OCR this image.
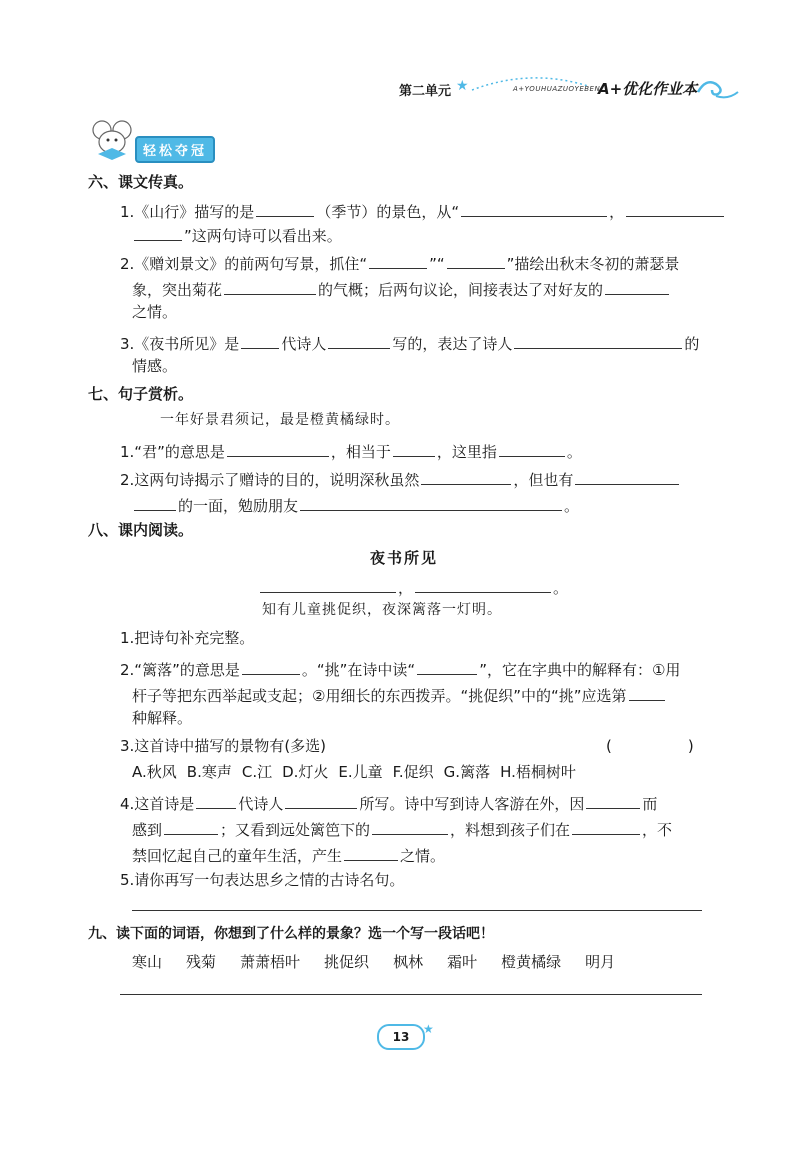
第二单元 ★	A+YOUHUAZUOYEBEN
A+优化作业本
轻松夺冠
六、课文传真。
1.《山行》描写的是	（季节）的景色，从“	，
”这两句诗可以看出来。
2.《赠刘景文》的前两句写景，抓住“	”“	”描绘出秋末冬初的萧瑟景
象，突出菊花	的气概；后两句议论，间接表达了对好友的
之情。
3.《夜书所见》是	代诗人	写的，表达了诗人	的
情感。
七、句子赏析。
一年好景君须记，最是橙黄橘绿时。
1.“君”的意思是	，相当于	，这里指	。
2.这两句诗揭示了赠诗的目的，说明深秋虽然	，但也有
的一面，勉励朋友	。
八、课内阅读。
夜书所见
，	。
知有儿童挑促织，夜深篱落一灯明。
1.把诗句补充完整。
2.“篱落”的意思是	。“挑”在诗中读“	”，它在字典中的解释有：①用
杆子等把东西举起或支起；②用细长的东西拨弄。“挑促织”中的“挑”应选第
种解释。
3.这首诗中描写的景物有(多选)	(	)
A.秋风 B.寒声 C.江 D.灯火 E.儿童 F.促织 G.篱落 H.梧桐树叶
4.这首诗是	代诗人	所写。诗中写到诗人客游在外，因	而
感到	；又看到远处篱笆下的	，料想到孩子们在	，不
禁回忆起自己的童年生活，产生	之情。
5.请你再写一句表达思乡之情的古诗名句。
九、读下面的词语，你想到了什么样的景象？选一个写一段话吧！
寒山 残菊 萧萧梧叶 挑促织 枫林 霜叶 橙黄橘绿 明月
13
★
